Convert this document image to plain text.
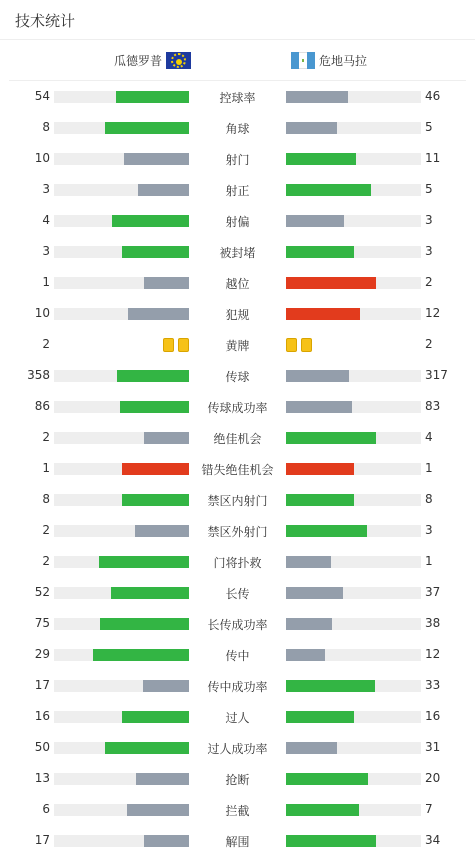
技术统计
瓜德罗普	危地马拉
54	控球率	46
8	角球	5
10	射门	11
3	射正	5
4	射偏	3
3	被封堵	3
1	越位	2
10	犯规	12
2	黄牌	2
358	传球	317
86	传球成功率	83
2	绝佳机会	4
1	错失绝佳机会	1
8	禁区内射门	8
2	禁区外射门	3
2	门将扑救	1
52	长传	37
75	长传成功率	38
29	传中	12
17	传中成功率	33
16	过人	16
50	过人成功率	31
13	抢断	20
6	拦截	7
17	解围	34
